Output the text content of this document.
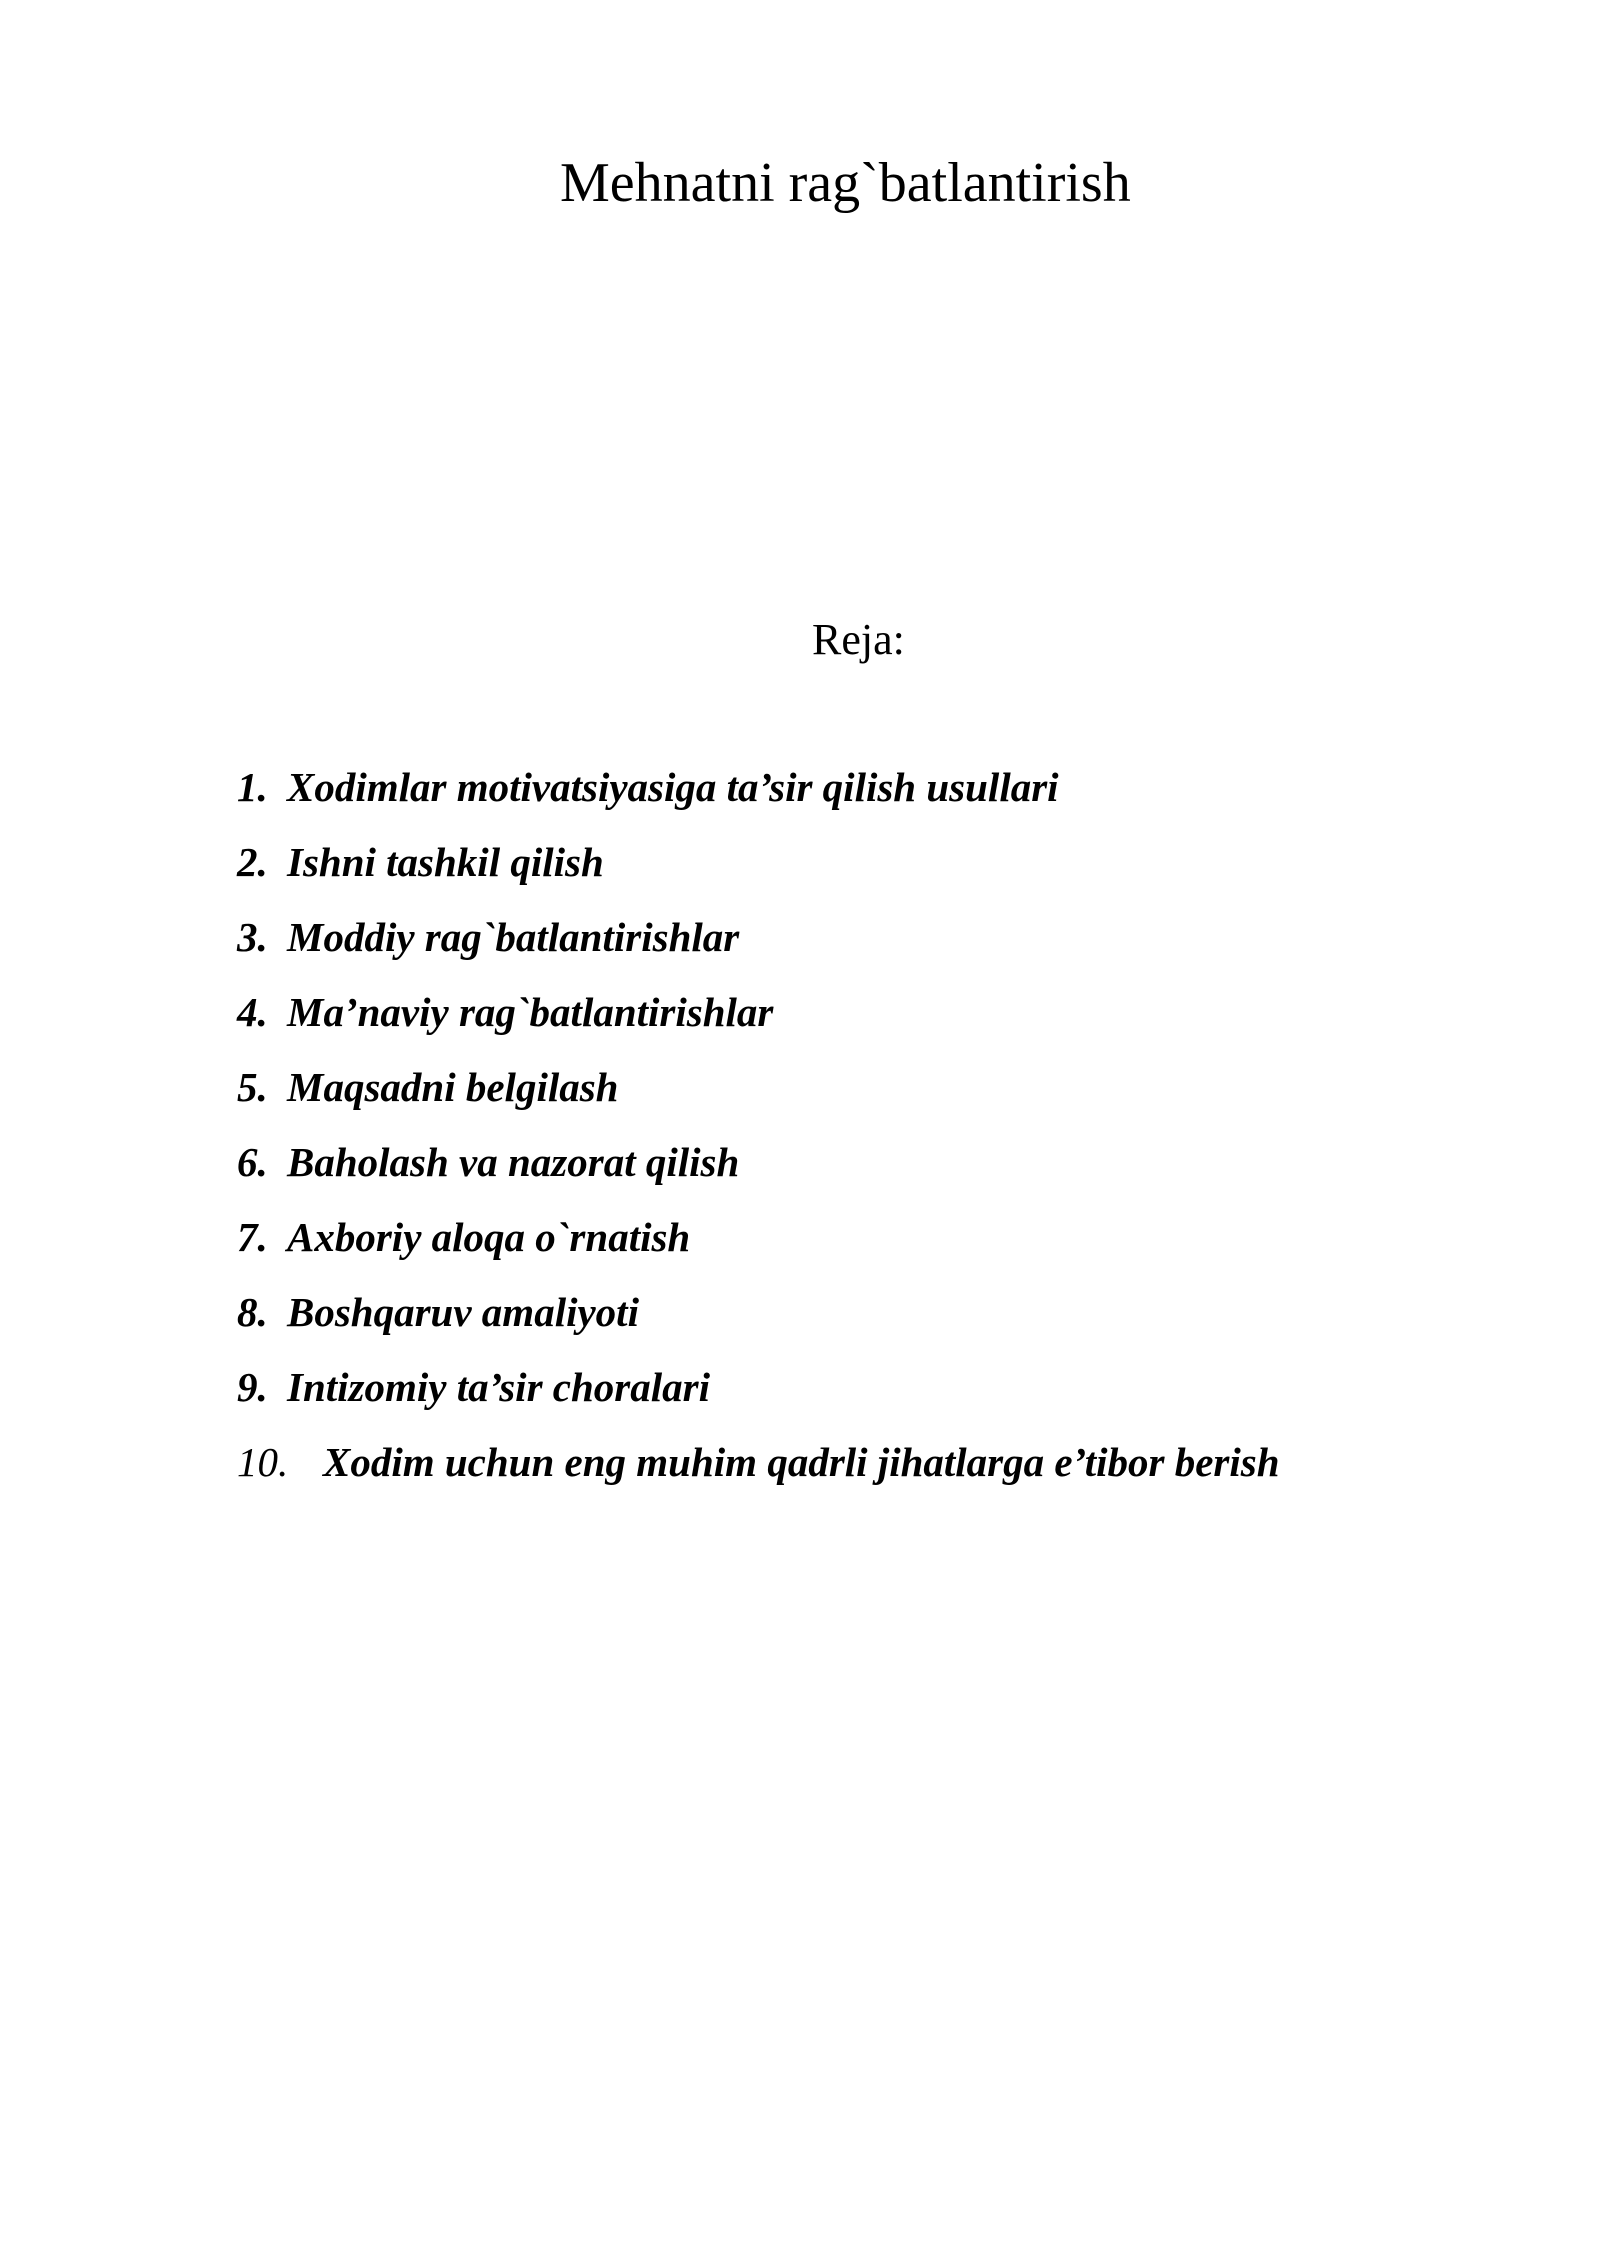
Mehnatni rag`batlantirish
Reja:
1. Xodimlar motivatsiyasiga ta’sir qilish usullari
2. Ishni tashkil qilish
3. Moddiy rag`batlantirishlar
4. Ma’naviy rag`batlantirishlar
5. Maqsadni belgilash
6. Baholash va nazorat qilish
7. Axboriy aloqa o`rnatish
8. Boshqaruv amaliyoti
9. Intizomiy ta’sir choralari
10. Xodim uchun eng muhim qadrli jihatlarga e’tibor berish
